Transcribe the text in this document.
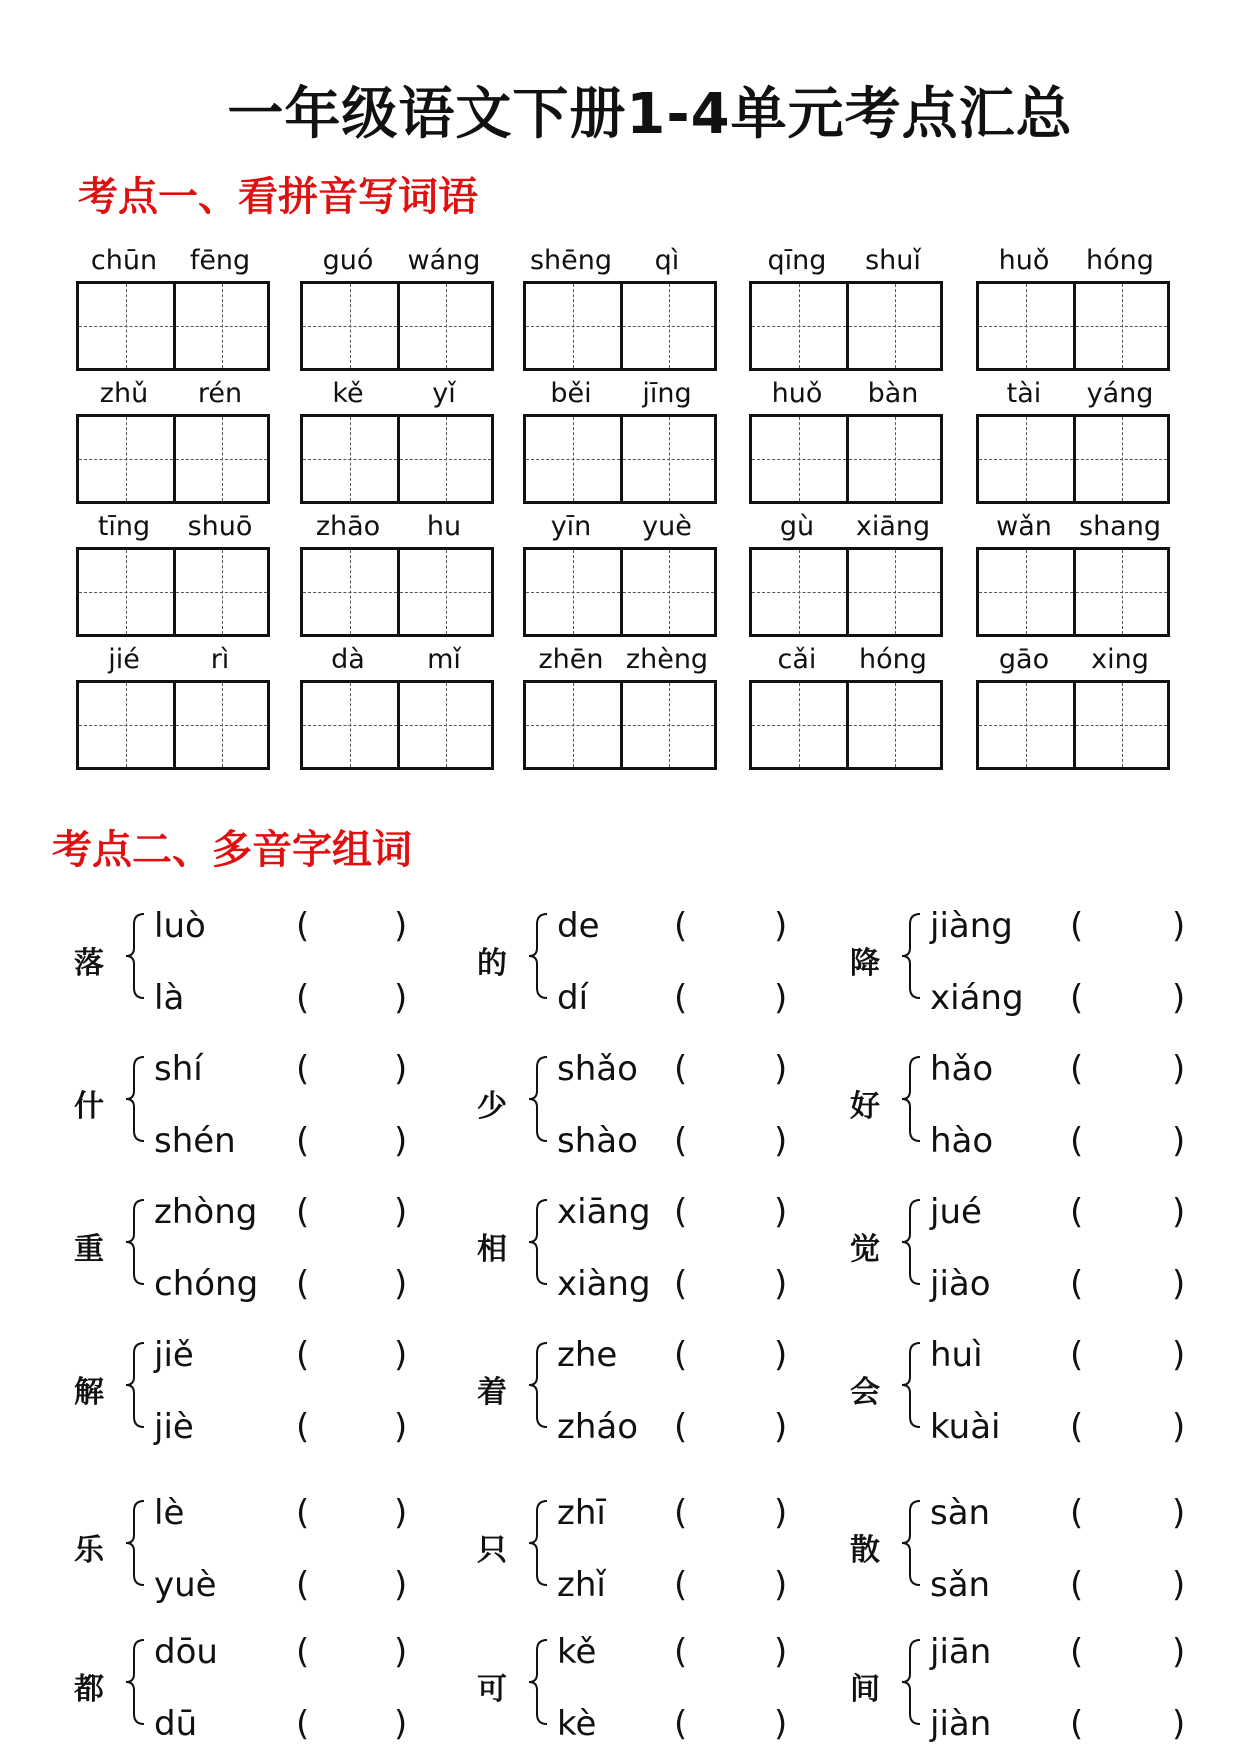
一年级语文下册1-4单元考点汇总
考点一、看拼音写词语
考点二、多音字组词
chūn	fēng	guó	wáng	shēng	qì	qīng	shuǐ	huǒ	hóng
zhǔ	rén	kě	yǐ	běi	jīng	huǒ	bàn	tài	yáng
tīng	shuō	zhāo	hu	yīn	yuè	gù	xiāng	wǎn	shang
jié	rì	dà	mǐ	zhēn zhèng	cǎi	hóng	gāo	xing
落
luò	( )
là	( )
的
de (	)
dí	(	)
降
jiàng (	)
xiáng (	)
什
shí	( )
shén ( )
少
shǎo (	)
shào (	)
好
hǎo (	)
hào (	)
重
zhòng ( )
chóng ( )
相
xiāng (	)
xiàng (	)
觉
jué	(	)
jiào (	)
解
jiě	( )
jiè	( )
着
zhe (	)
zháo (	)
会
huì	(	)
kuài (	)
乐
lè	( )
yuè ( )
只
zhī (	)
zhǐ (	)
散
sàn (	)
sǎn (	)
都
dōu ( )
dū	( )
可
kě (	)
kè (	)
间
jiān (	)
jiàn (	)
